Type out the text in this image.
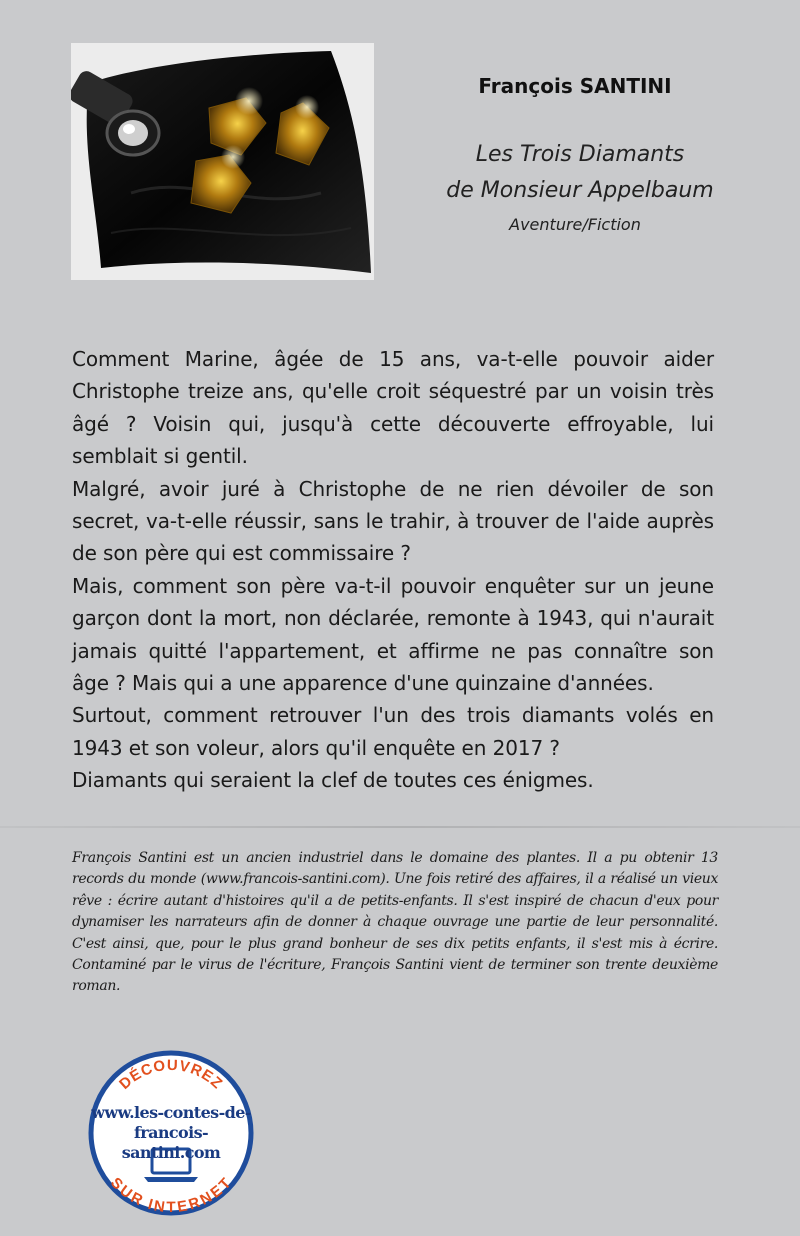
François SANTINI
Les Trois Diamants
de Monsieur Appelbaum
Aventure/Fiction

Comment Marine, âgée de 15 ans, va-t-elle pouvoir aider Christophe treize ans, qu'elle croit séquestré par un voisin très âgé ? Voisin qui, jusqu'à cette découverte effroyable, lui semblait si gentil.

Malgré, avoir juré à Christophe de ne rien dévoiler de son secret, va-t-elle réussir, sans le trahir, à trouver de l'aide auprès de son père qui est commissaire ?

Mais, comment son père va-t-il pouvoir enquêter sur un jeune garçon dont la mort, non déclarée, remonte à 1943, qui n'aurait jamais quitté l'appartement, et affirme ne pas connaître son âge ? Mais qui a une apparence d'une quinzaine d'années.

Surtout, comment retrouver l'un des trois diamants volés en 1943 et son voleur, alors qu'il enquête en 2017 ?

Diamants qui seraient la clef de toutes ces énigmes.

François Santini est un ancien industriel dans le domaine des plantes. Il a pu obtenir 13 records du monde (www.francois-santini.com). Une fois retiré des affaires, il a réalisé un vieux rêve : écrire autant d'histoires qu'il a de petits-enfants. Il s'est inspiré de chacun d'eux pour dynamiser les narrateurs afin de donner à chaque ouvrage une partie de leur personnalité. C'est ainsi, que, pour le plus grand bonheur de ses dix petits enfants, il s'est mis à écrire. Contaminé par le virus de l'écriture, François Santini vient de terminer son trente deuxième roman.
DÉCOUVREZ
SUR INTERNET
www.les-contes-de-
francois-santini.com
